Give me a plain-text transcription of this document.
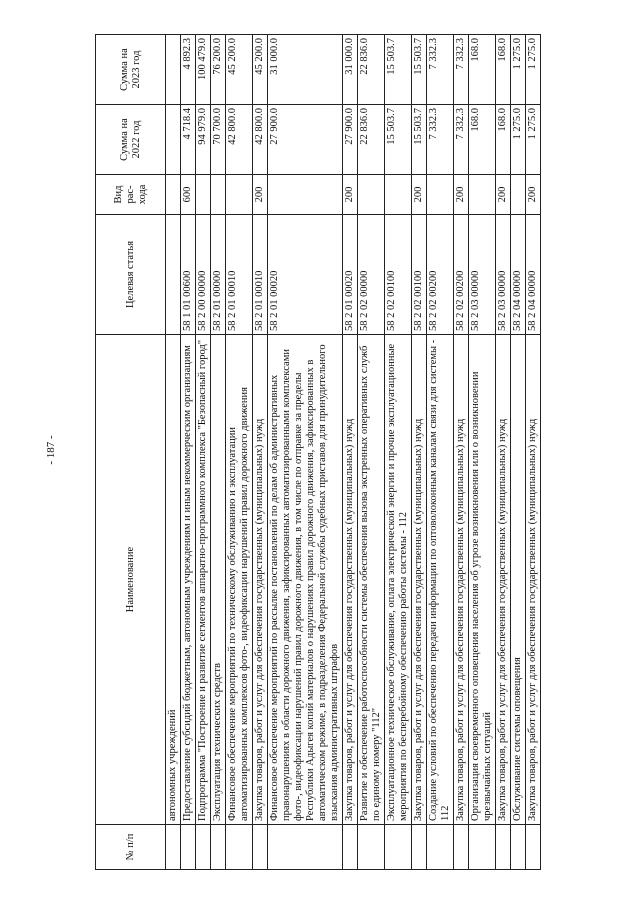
- 187 -
№ п/п	Наименование	Целевая статья	Вид рас-хода	Сумма на 2022 год	Сумма на 2023 год
	автономных учреждений				
	Предоставление субсидий бюджетным, автономным учреждениям и иным некоммерческим организациям	58 1 01 00600	600	4 718.4	4 892.3
	Подпрограмма "Построение и развитие сегментов аппаратно-программного комплекса "Безопасный город"	58 2 00 00000		94 979.0	100 479.0
	Эксплуатация технических средств	58 2 01 00000		70 700.0	76 200.0
	Финансовое обеспечение мероприятий по техническому обслуживанию и эксплуатации автоматизированных комплексов фото-, видеофиксации нарушений правил дорожного движения	58 2 01 00010		42 800.0	45 200.0
	Закупка товаров, работ и услуг для обеспечения государственных (муниципальных) нужд	58 2 01 00010	200	42 800.0	45 200.0
	Финансовое обеспечение мероприятий по рассылке постановлений по делам об административных правонарушениях в области дорожного движения, зафиксированных автоматизированными комплексами фото-, видеофиксации нарушений правил дорожного движения, в том числе по отправке за пределы Республики Адыгея копий материалов о нарушениях правил дорожного движения, зафиксированных в автоматическом режиме, в подразделения Федеральной службы судебных приставов для принудительного взыскания административных штрафов	58 2 01 00020		27 900.0	31 000.0
	Закупка товаров, работ и услуг для обеспечения государственных (муниципальных) нужд	58 2 01 00020	200	27 900.0	31 000.0
	Развитие и обеспечение работоспособности системы обеспечения вызова экстренных оперативных служб по единому номеру "112"	58 2 02 00000		22 836.0	22 836.0
	Эксплуатационное техническое обслуживание, оплата электрической энергии и прочие эксплуатационные мероприятия по бесперебойному обеспечению работы системы - 112	58 2 02 00100		15 503.7	15 503.7
	Закупка товаров, работ и услуг для обеспечения государственных (муниципальных) нужд	58 2 02 00100	200	15 503.7	15 503.7
	Создание условий по обеспечению передачи информации по оптоволоконным каналам связи для системы - 112	58 2 02 00200		7 332.3	7 332.3
	Закупка товаров, работ и услуг для обеспечения государственных (муниципальных) нужд	58 2 02 00200	200	7 332.3	7 332.3
	Организация своевременного оповещения населения об угрозе возникновения или о возникновении чрезвычайных ситуаций	58 2 03 00000		168.0	168.0
	Закупка товаров, работ и услуг для обеспечения государственных (муниципальных) нужд	58 2 03 00000	200	168.0	168.0
	Обслуживание системы оповещения	58 2 04 00000		1 275.0	1 275.0
	Закупка товаров, работ и услуг для обеспечения государственных (муниципальных) нужд	58 2 04 00000	200	1 275.0	1 275.0
